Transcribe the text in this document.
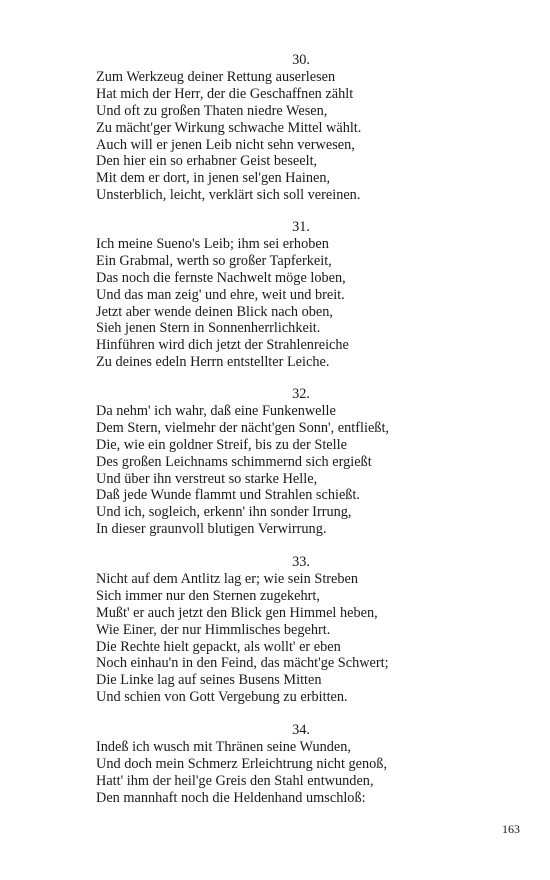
30.
Zum Werkzeug deiner Rettung auserlesen
Hat mich der Herr, der die Geschaffnen zählt
Und oft zu großen Thaten niedre Wesen,
Zu mächt'ger Wirkung schwache Mittel wählt.
Auch will er jenen Leib nicht sehn verwesen,
Den hier ein so erhabner Geist beseelt,
Mit dem er dort, in jenen sel'gen Hainen,
Unsterblich, leicht, verklärt sich soll vereinen.
31.
Ich meine Sueno's Leib; ihm sei erhoben
Ein Grabmal, werth so großer Tapferkeit,
Das noch die fernste Nachwelt möge loben,
Und das man zeig' und ehre, weit und breit.
Jetzt aber wende deinen Blick nach oben,
Sieh jenen Stern in Sonnenherrlichkeit.
Hinführen wird dich jetzt der Strahlenreiche
Zu deines edeln Herrn entstellter Leiche.
32.
Da nehm' ich wahr, daß eine Funkenwelle
Dem Stern, vielmehr der nächt'gen Sonn', entfließt,
Die, wie ein goldner Streif, bis zu der Stelle
Des großen Leichnams schimmernd sich ergießt
Und über ihn verstreut so starke Helle,
Daß jede Wunde flammt und Strahlen schießt.
Und ich, sogleich, erkenn' ihn sonder Irrung,
In dieser graunvoll blutigen Verwirrung.
33.
Nicht auf dem Antlitz lag er; wie sein Streben
Sich immer nur den Sternen zugekehrt,
Mußt' er auch jetzt den Blick gen Himmel heben,
Wie Einer, der nur Himmlisches begehrt.
Die Rechte hielt gepackt, als wollt' er eben
Noch einhau'n in den Feind, das mächt'ge Schwert;
Die Linke lag auf seines Busens Mitten
Und schien von Gott Vergebung zu erbitten.
34.
Indeß ich wusch mit Thränen seine Wunden,
Und doch mein Schmerz Erleichtrung nicht genoß,
Hatt' ihm der heil'ge Greis den Stahl entwunden,
Den mannhaft noch die Heldenhand umschloß:
163
